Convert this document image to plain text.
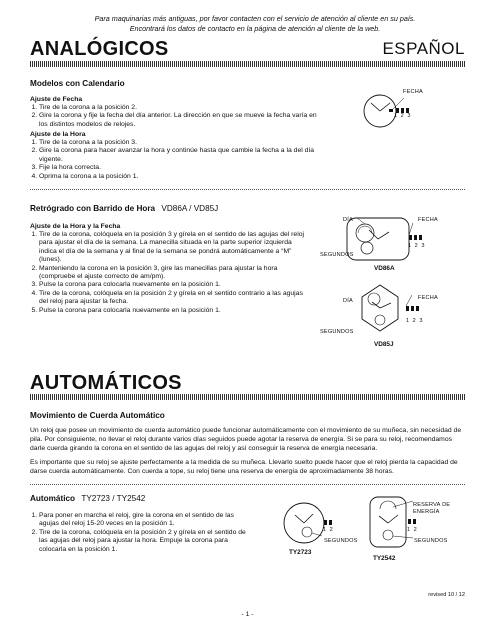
Para maquinarias más antiguas, por favor contacten con el servicio de atención al cliente en su país.
Encontrará los datos de contacto en la página de atención al cliente de la web.
ANALÓGICOS	ESPAÑOL
Modelos con Calendario
Ajuste de Fecha
1. Tire de la corona a la posición 2.
2. Gire la corona y fije la fecha del día anterior. La dirección en que se mueve la fecha varía en los distintos modelos de relojes.
Ajuste de la Hora
1. Tire de la corona a la posición 3.
2. Gire la corona para hacer avanzar la hora y continúe hasta que cambie la fecha a la del día vigente.
3. Fije la hora correcta.
4. Oprima la corona a la posición 1.
FECHA
1 2 3
Retrógrado con Barrido de Hora VD86A / VD85J
Ajuste de la Hora y la Fecha
1. Tire de la corona, colóquela en la posición 3 y gírela en el sentido de las agujas del reloj para ajustar el día de la semana. La manecilla situada en la parte superior izquierda indica el día de la semana y al final de la semana se pondrá automáticamente a “M” (lunes).
2. Manteniendo la corona en la posición 3, gire las manecillas para ajustar la hora (compruebe el ajuste correcto de am/pm).
3. Pulse la corona para colocarla nuevamente en la posición 1.
4. Tire de la corona, colóquela en la posición 2 y gírela en el sentido contrario a las agujas del reloj para ajustar la fecha.
5. Pulse la corona para colocarla nuevamente en la posición 1.
DÍA	FECHA
SEGUNDOS
VD86A
1 2 3
DÍA	FECHA
SEGUNDOS
VD85J
1 2 3
AUTOMÁTICOS
Movimiento de Cuerda Automático
Un reloj que posee un movimiento de cuerda automático puede funcionar automáticamente con el movimiento de su muñeca, sin necesidad de pila. Por consiguiente, no llevar el reloj durante varios días seguidos puede agotar la reserva de energía. Si se para su reloj, recomendamos darle cuerda girando la corona en el sentido de las agujas del reloj y así conseguir la reserva de energía necesaria.
Es importante que su reloj se ajuste perfectamente a la medida de su muñeca. Llevarlo suelto puede hacer que el reloj pierda la capacidad de darse cuerda automáticamente. Con cuerda a tope, su reloj tiene una reserva de energía de aproximadamente 38 horas.
Automático TY2723 / TY2542
1. Para poner en marcha el reloj, gire la corona en el sentido de las agujas del reloj 15-20 veces en la posición 1.
2. Tire de la corona, colóquela en la posición 2 y gírela en el sentido de las agujas del reloj para ajustar la hora. Empuje la corona para colocarla en la posición 1.
1 2
SEGUNDOS
TY2723
RESERVA DE ENERGÍA
1 2
SEGUNDOS
TY2542
revised 10 / 12
- 1 -
